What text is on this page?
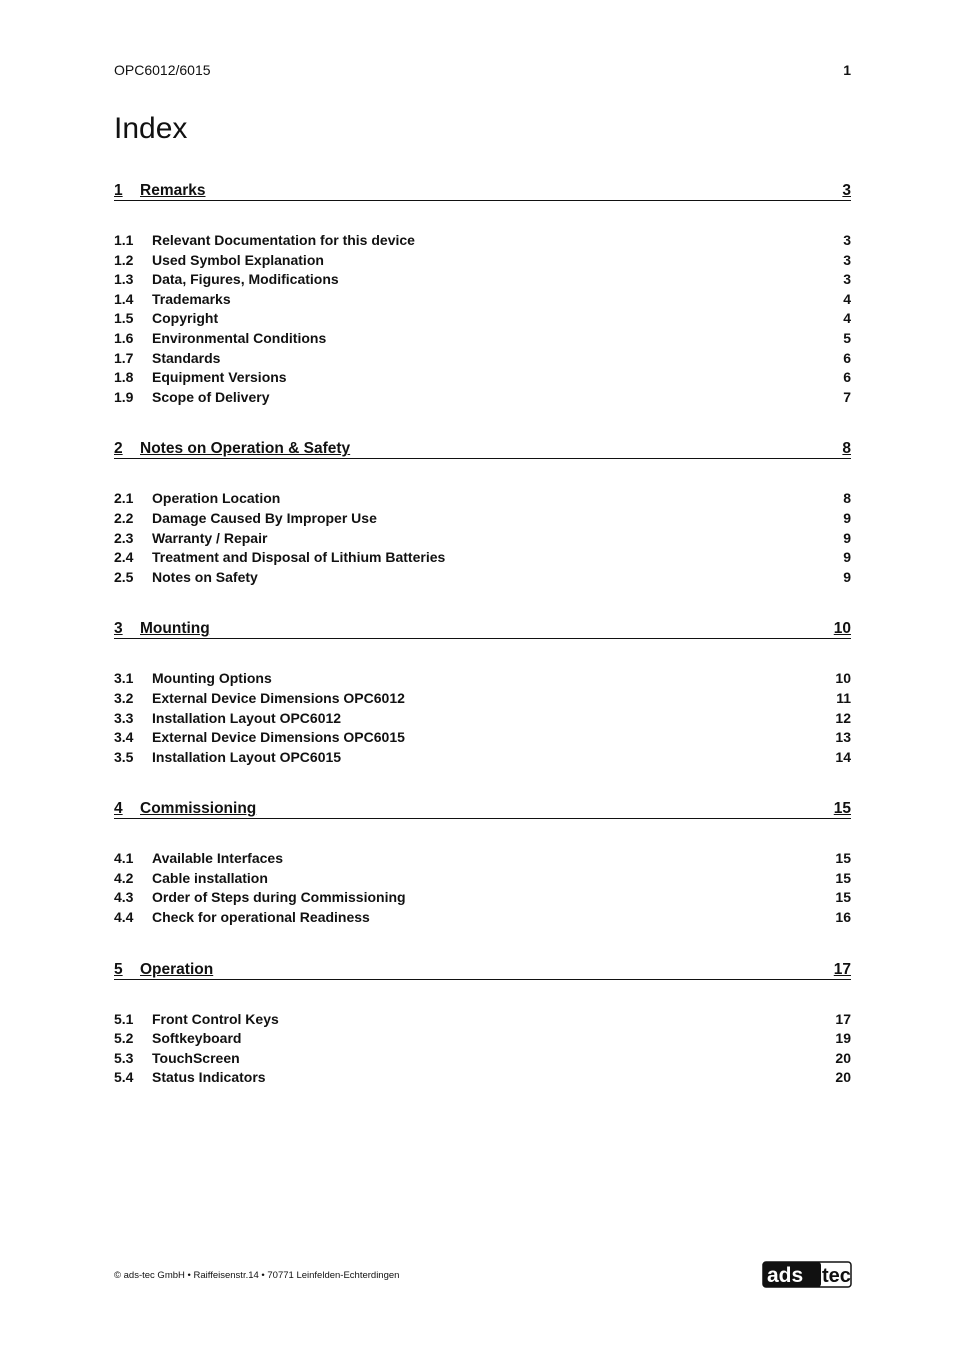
OPC6012/6015	1
Index
1 Remarks	3
1.1 Relevant Documentation for this device	3
1.2 Used Symbol Explanation	3
1.3 Data, Figures, Modifications	3
1.4 Trademarks	4
1.5 Copyright	4
1.6 Environmental Conditions	5
1.7 Standards	6
1.8 Equipment Versions	6
1.9 Scope of Delivery	7
2 Notes on Operation & Safety	8
2.1 Operation Location	8
2.2 Damage Caused By Improper Use	9
2.3 Warranty / Repair	9
2.4 Treatment and Disposal of Lithium Batteries	9
2.5 Notes on Safety	9
3 Mounting	10
3.1 Mounting Options	10
3.2 External Device Dimensions OPC6012	11
3.3 Installation Layout OPC6012	12
3.4 External Device Dimensions OPC6015	13
3.5 Installation Layout OPC6015	14
4 Commissioning	15
4.1 Available Interfaces	15
4.2 Cable installation	15
4.3 Order of Steps during Commissioning	15
4.4 Check for operational Readiness	16
5 Operation	17
5.1 Front Control Keys	17
5.2 Softkeyboard	19
5.3 TouchScreen	20
5.4 Status Indicators	20
© ads-tec GmbH • Raiffeisenstr.14 • 70771 Leinfelden-Echterdingen	ads tec
